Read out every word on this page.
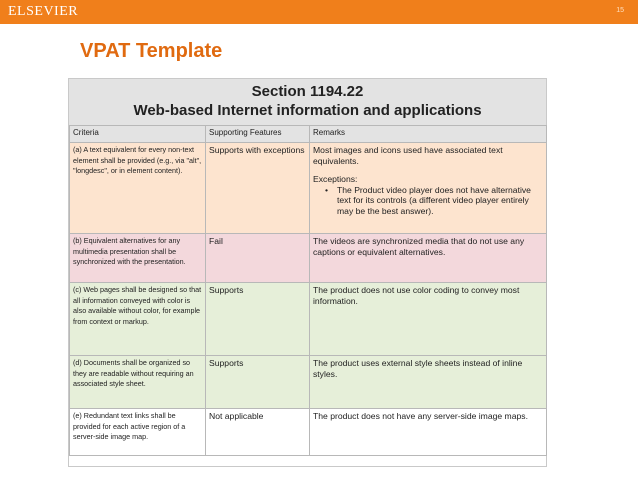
ELSEVIER	15
VPAT Template
Section 1194.22
Web-based Internet information and applications
Criteria	Supporting Features	Remarks
(a) A text equivalent for every non-text element shall be provided (e.g., via "alt", "longdesc", or in element content).	Supports with exceptions	Most images and icons used have associated text equivalents.
Exceptions:
• The Product video player does not have alternative text for its controls (a different video player entirely may be the best answer).

(b) Equivalent alternatives for any multimedia presentation shall be synchronized with the presentation.	Fail	The videos are synchronized media that do not use any captions or equivalent alternatives.
(c) Web pages shall be designed so that all information conveyed with color is also available without color, for example from context or markup.	Supports	The product does not use color coding to convey most information.
(d) Documents shall be organized so they are readable without requiring an associated style sheet.	Supports	The product uses external style sheets instead of inline styles.
(e) Redundant text links shall be provided for each active region of a server-side image map.	Not applicable	The product does not have any server-side image maps.
